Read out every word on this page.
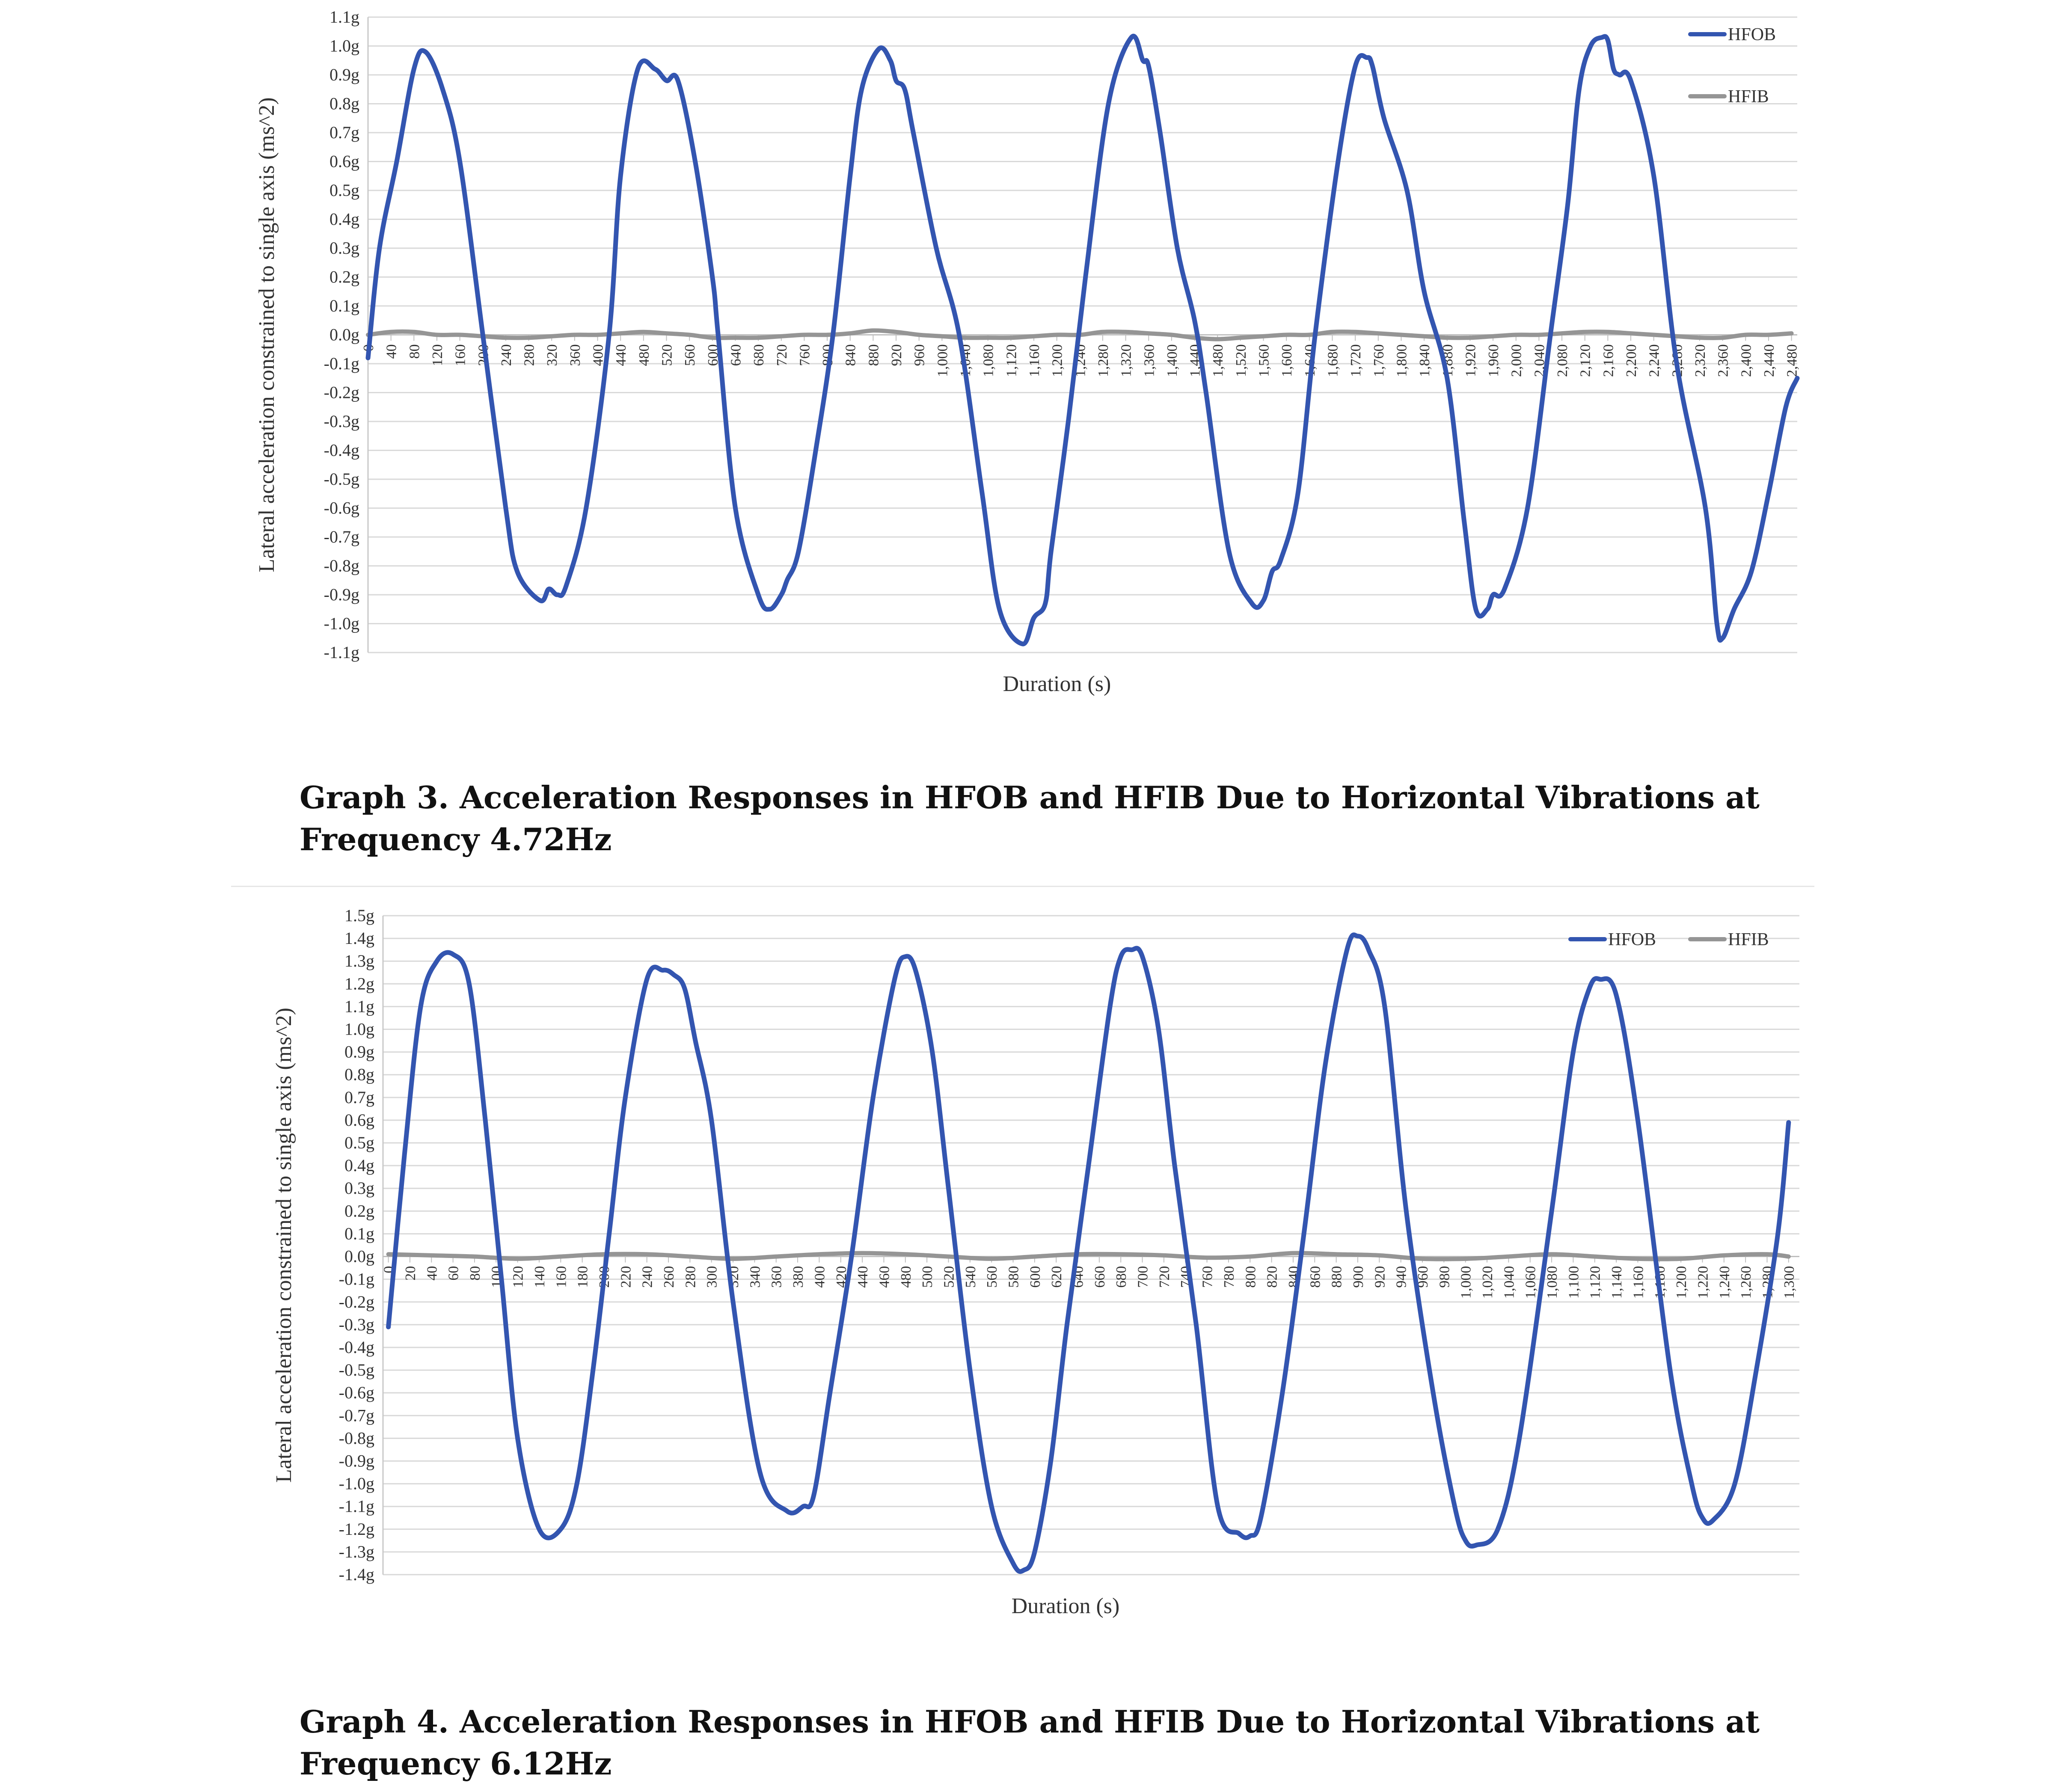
1.1g
1.0g
0.9g
0.8g
0.7g
0.6g
0.5g
0.4g
0.3g
0.2g
0.1g
0.0g
-0.1g
-0.2g
-0.3g
-0.4g
-0.5g
-0.6g
-0.7g
-0.8g
-0.9g
-1.0g
-1.1g
0 40 80 120 160 200 240 280 320 360 400 440 480 520 560 600 640 680 720 760 800 840 880 920 960 1,000 1,040 1,080 1,120 1,160 1,200 1,240 1,280 1,320 1,360 1,400 1,440 1,480 1,520 1,560 1,600 1,640 1,680 1,720 1,760 1,800 1,840 1,880 1,920 1,960 2,000 2,040 2,080 2,120 2,160 2,200 2,240 2,280 2,320 2,360 2,400 2,440 2,480
Duration (s)
Lateral acceleration constrained to single axis (ms^2)
HFOB
HFIB
Graph 3. Acceleration Responses in HFOB and HFIB Due to Horizontal Vibrations at Frequency 4.72Hz
1.5g
1.4g
1.3g
1.2g
1.1g
1.0g
0.9g
0.8g
0.7g
0.6g
0.5g
0.4g
0.3g
0.2g
0.1g
0.0g
-0.1g
-0.2g
-0.3g
-0.4g
-0.5g
-0.6g
-0.7g
-0.8g
-0.9g
-1.0g
-1.1g
-1.2g
-1.3g
-1.4g
0 20 40 60 80 100 120 140 160 180 200 220 240 260 280 300 320 340 360 380 400 420 440 460 480 500 520 540 560 580 600 620 640 660 680 700 720 740 760 780 800 820 840 860 880 900 920 940 960 980 1,000 1,020 1,040 1,060 1,080 1,100 1,120 1,140 1,160 1,180 1,200 1,220 1,240 1,260 1,280 1,300
Duration (s)
Lateral acceleration constrained to single axis (ms^2)
HFOB	HFIB
Graph 4. Acceleration Responses in HFOB and HFIB Due to Horizontal Vibrations at Frequency 6.12Hz
